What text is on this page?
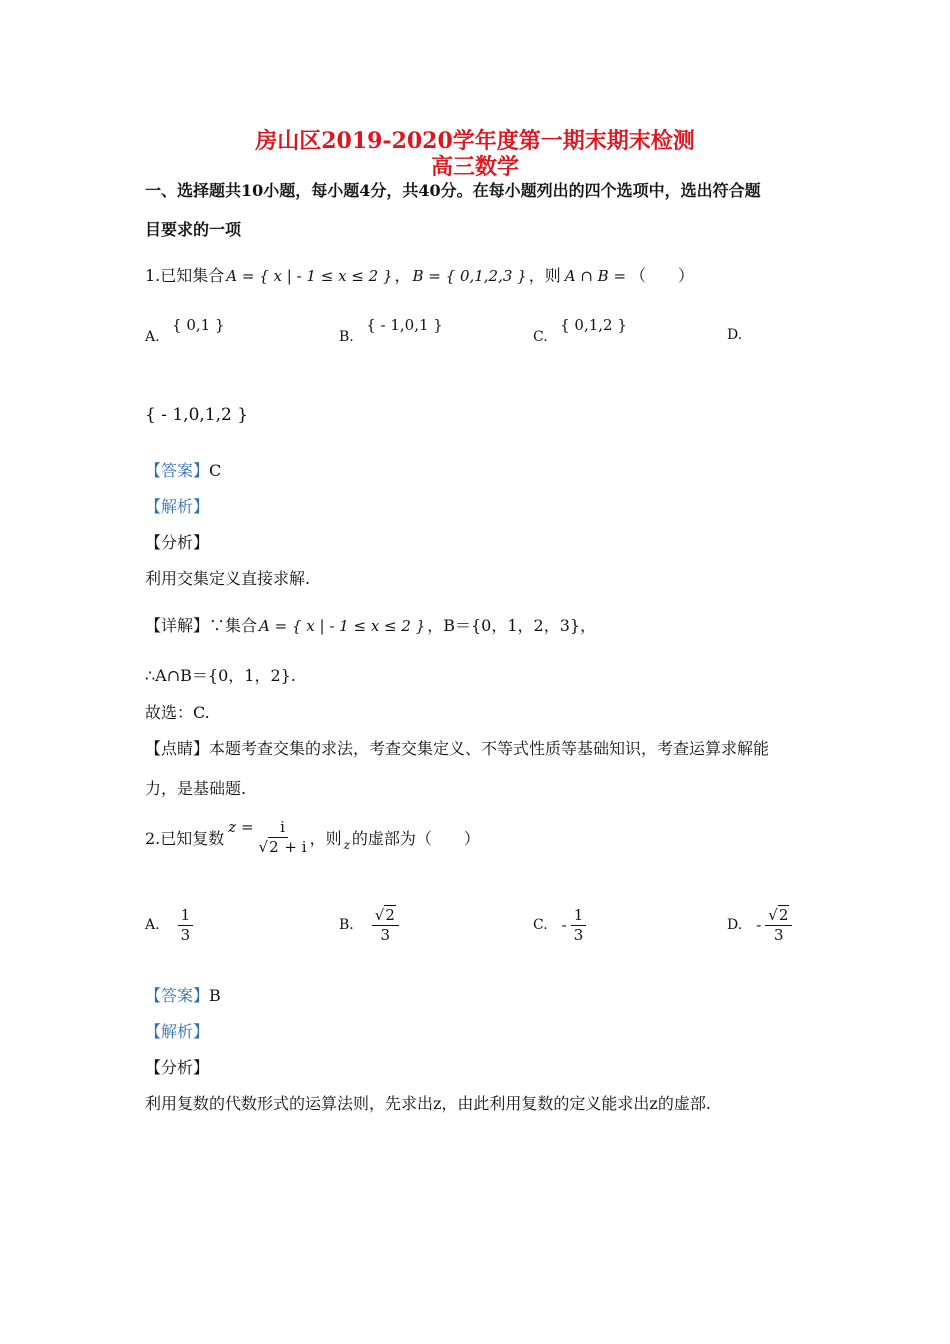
房山区2019-2020学年度第一期末期末检测
高三数学
一、选择题共10小题，每小题4分，共40分。在每小题列出的四个选项中，选出符合题
目要求的一项
1.已知集合 A = { x | - 1 ≤ x ≤ 2 } ， B = { 0,1,2,3 } ，则 A ∩ B = （　　）
A. { 0,1 }
B. { - 1,0,1 }
C. { 0,1,2 }
D.
{ - 1,0,1,2 }
【答案】C
【解析】
【分析】
利用交集定义直接求解.
【详解】∵集合 A = { x | - 1 ≤ x ≤ 2 } ，B＝{0，1，2，3}，
∴A∩B＝{0，1，2}.
故选：C.
【点睛】本题考查交集的求法，考查交集定义、不等式性质等基础知识，考查运算求解能
力，是基础题.
2.已知复数
$z = \frac{i}{√2 + i}$ ，则 z 的虚部为（　　）
A. $\frac{1}{3}$	B. $\frac{√2}{3}$	C. - $\frac{1}{3}$	D. - $\frac{√2}{3}$
【答案】B
【解析】
【分析】
利用复数的代数形式的运算法则，先求出z，由此利用复数的定义能求出z的虚部.
